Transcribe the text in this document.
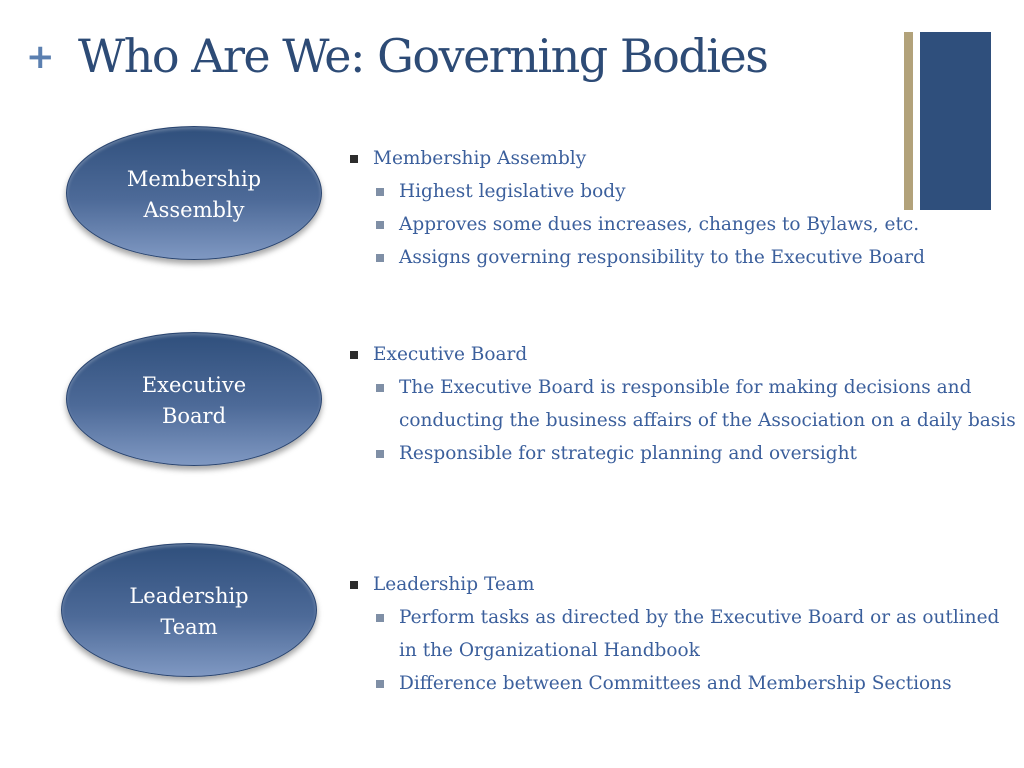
+ Who Are We: Governing Bodies
Membership
Assembly
Executive
Board
Leadership
Team
Membership Assembly
Highest legislative body
Approves some dues increases, changes to Bylaws, etc.
Assigns governing responsibility to the Executive Board
Executive Board
The Executive Board is responsible for making decisions and conducting the business affairs of the Association on a daily basis
Responsible for strategic planning and oversight
Leadership Team
Perform tasks as directed by the Executive Board or as outlined in the Organizational Handbook
Difference between Committees and Membership Sections
